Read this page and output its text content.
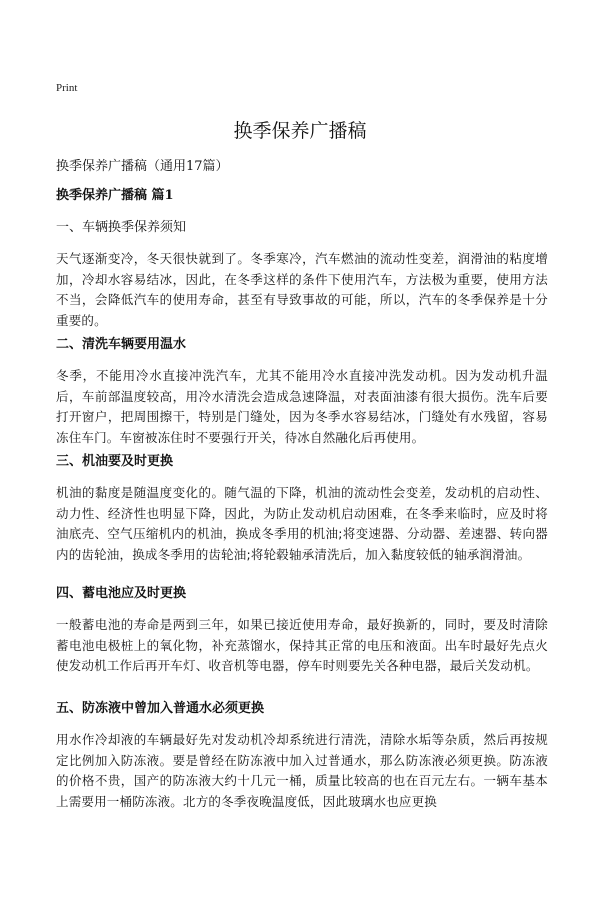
Print
换季保养广播稿

换季保养广播稿（通用17篇）

换季保养广播稿 篇1

一、车辆换季保养须知

天气逐渐变冷，冬天很快就到了。冬季寒冷，汽车燃油的流动性变差，润滑油的粘度增加，冷却水容易结冰，因此，在冬季这样的条件下使用汽车，方法极为重要，使用方法不当，会降低汽车的使用寿命，甚至有导致事故的可能，所以，汽车的冬季保养是十分重要的。

二、清洗车辆要用温水

冬季，不能用冷水直接冲洗汽车，尤其不能用冷水直接冲洗发动机。因为发动机升温后，车前部温度较高，用冷水清洗会造成急速降温，对表面油漆有很大损伤。洗车后要打开窗户，把周围擦干，特别是门缝处，因为冬季水容易结冰，门缝处有水残留，容易冻住车门。车窗被冻住时不要强行开关，待冰自然融化后再使用。

三、机油要及时更换

机油的黏度是随温度变化的。随气温的下降，机油的流动性会变差，发动机的启动性、动力性、经济性也明显下降，因此，为防止发动机启动困难，在冬季来临时，应及时将油底壳、空气压缩机内的机油，换成冬季用的机油;将变速器、分动器、差速器、转向器内的齿轮油，换成冬季用的齿轮油;将轮毂轴承清洗后，加入黏度较低的轴承润滑油。

四、蓄电池应及时更换

一般蓄电池的寿命是两到三年，如果已接近使用寿命，最好换新的，同时，要及时清除蓄电池电极桩上的氧化物，补充蒸馏水，保持其正常的电压和液面。出车时最好先点火使发动机工作后再开车灯、收音机等电器，停车时则要先关各种电器，最后关发动机。

五、防冻液中曾加入普通水必须更换

用水作冷却液的车辆最好先对发动机冷却系统进行清洗，清除水垢等杂质，然后再按规定比例加入防冻液。要是曾经在防冻液中加入过普通水，那么防冻液必须更换。防冻液的价格不贵，国产的防冻液大约十几元一桶，质量比较高的也在百元左右。一辆车基本上需要用一桶防冻液。北方的冬季夜晚温度低，因此玻璃水也应更换
